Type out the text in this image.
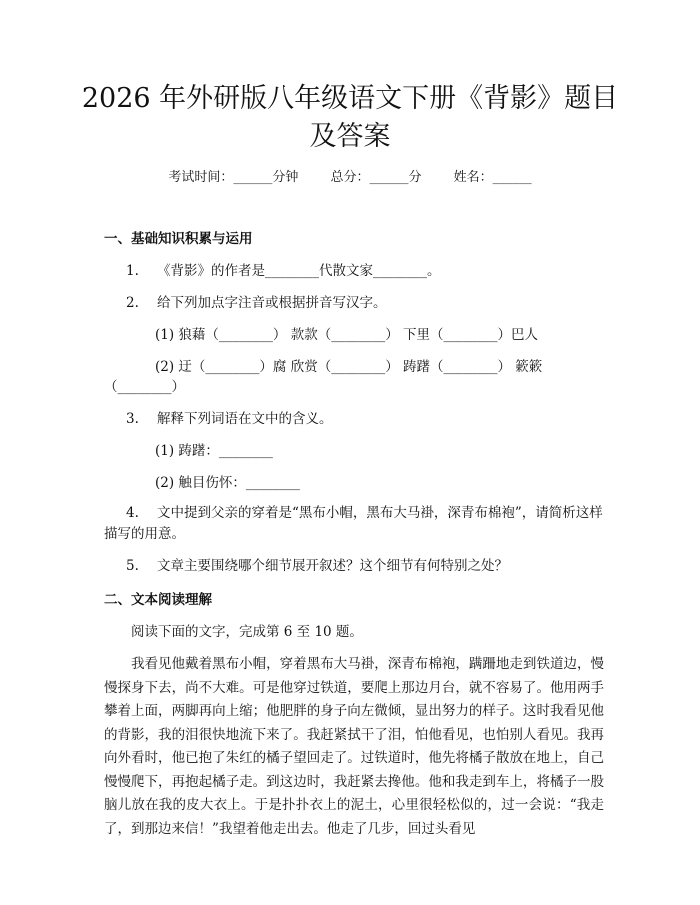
2026 年外研版八年级语文下册《背影》题目
及答案
考试时间：______分钟 总分：______分 姓名：______
一、基础知识积累与运用

1. 《背影》的作者是________代散文家________。

2. 给下列加点字注音或根据拼音写汉字。

(1) 狼藉（________） 款款（________） 下里（________）巴人

(2) 迂（________）腐 欣赏（________） 踌躇（________） 簌簌

（________）

3. 解释下列词语在文中的含义。

(1) 踌躇：________

(2) 触目伤怀：________

4. 文中提到父亲的穿着是“黑布小帽，黑布大马褂，深青布棉袍”，请简析这样描写的用意。

5. 文章主要围绕哪个细节展开叙述？这个细节有何特别之处？

二、文本阅读理解

阅读下面的文字，完成第 6 至 10 题。

我看见他戴着黑布小帽，穿着黑布大马褂，深青布棉袍，蹒跚地走到铁道边，慢慢探身下去，尚不大难。可是他穿过铁道，要爬上那边月台，就不容易了。他用两手攀着上面，两脚再向上缩；他肥胖的身子向左微倾，显出努力的样子。这时我看见他的背影，我的泪很快地流下来了。我赶紧拭干了泪，怕他看见，也怕别人看见。我再向外看时，他已抱了朱红的橘子望回走了。过铁道时，他先将橘子散放在地上，自己慢慢爬下，再抱起橘子走。到这边时，我赶紧去搀他。他和我走到车上，将橘子一股脑儿放在我的皮大衣上。于是扑扑衣上的泥土，心里很轻松似的，过一会说：“我走了，到那边来信！”我望着他走出去。他走了几步，回过头看见
